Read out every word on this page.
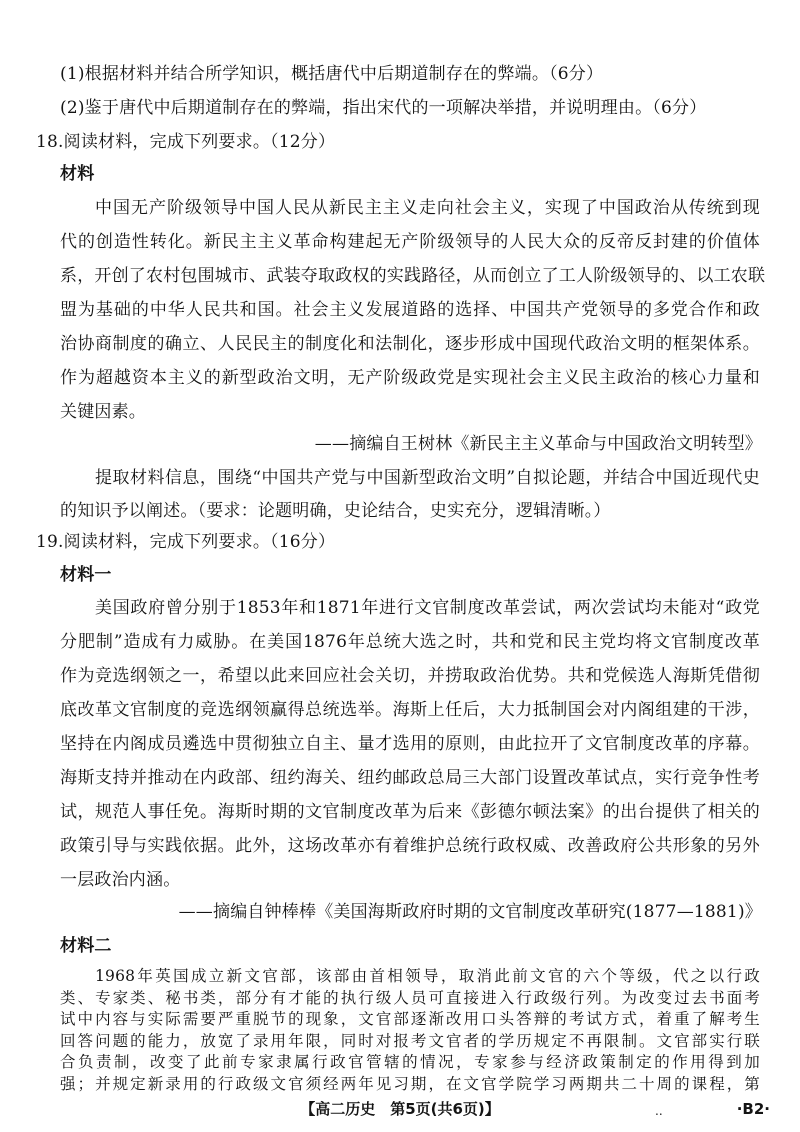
(1)根据材料并结合所学知识，概括唐代中后期道制存在的弊端。（6分）
(2)鉴于唐代中后期道制存在的弊端，指出宋代的一项解决举措，并说明理由。（6分）
18.阅读材料，完成下列要求。（12分）
材料
中国无产阶级领导中国人民从新民主主义走向社会主义，实现了中国政治从传统到现
代的创造性转化。新民主主义革命构建起无产阶级领导的人民大众的反帝反封建的价值体
系，开创了农村包围城市、武装夺取政权的实践路径，从而创立了工人阶级领导的、以工农联
盟为基础的中华人民共和国。社会主义发展道路的选择、中国共产党领导的多党合作和政
治协商制度的确立、人民民主的制度化和法制化，逐步形成中国现代政治文明的框架体系。
作为超越资本主义的新型政治文明，无产阶级政党是实现社会主义民主政治的核心力量和
关键因素。
——摘编自王树林《新民主主义革命与中国政治文明转型》
提取材料信息，围绕“中国共产党与中国新型政治文明”自拟论题，并结合中国近现代史
的知识予以阐述。（要求：论题明确，史论结合，史实充分，逻辑清晰。）
19.阅读材料，完成下列要求。（16分）
材料一
美国政府曾分别于1853年和1871年进行文官制度改革尝试，两次尝试均未能对“政党
分肥制”造成有力威胁。在美国1876年总统大选之时，共和党和民主党均将文官制度改革
作为竞选纲领之一，希望以此来回应社会关切，并捞取政治优势。共和党候选人海斯凭借彻
底改革文官制度的竞选纲领赢得总统选举。海斯上任后，大力抵制国会对内阁组建的干涉，
坚持在内阁成员遴选中贯彻独立自主、量才选用的原则，由此拉开了文官制度改革的序幕。
海斯支持并推动在内政部、纽约海关、纽约邮政总局三大部门设置改革试点，实行竞争性考
试，规范人事任免。海斯时期的文官制度改革为后来《彭德尔顿法案》的出台提供了相关的
政策引导与实践依据。此外，这场改革亦有着维护总统行政权威、改善政府公共形象的另外
一层政治内涵。
——摘编自钟棒棒《美国海斯政府时期的文官制度改革研究(1877—1881)》
材料二
1968年英国成立新文官部，该部由首相领导，取消此前文官的六个等级，代之以行政
类、专家类、秘书类，部分有才能的执行级人员可直接进入行政级行列。为改变过去书面考
试中内容与实际需要严重脱节的现象，文官部逐渐改用口头答辩的考试方式，着重了解考生
【高二历史　第5页(共6页)】	..	·B2·
回答问题的能力，放宽了录用年限，同时对报考文官者的学历规定不再限制。文官部实行联
合负责制，改变了此前专家隶属行政官管辖的情况，专家参与经济政策制定的作用得到加
强；并规定新录用的行政级文官须经两年见习期，在文官学院学习两期共二十周的课程，第
